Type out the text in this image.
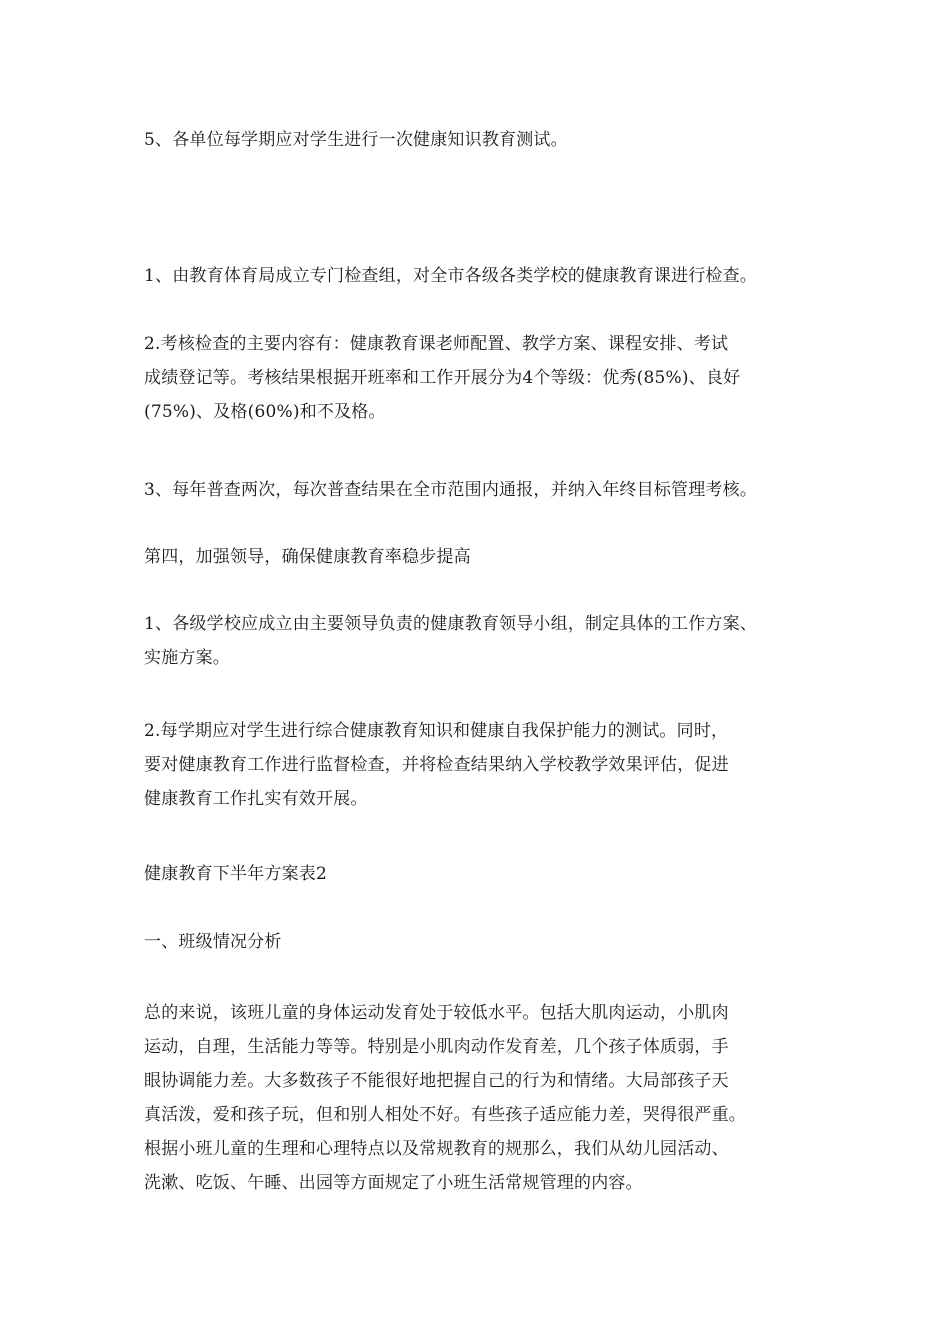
5、各单位每学期应对学生进行一次健康知识教育测试。

1、由教育体育局成立专门检查组，对全市各级各类学校的健康教育课进行检查。

2.考核检查的主要内容有：健康教育课老师配置、教学方案、课程安排、考试
成绩登记等。考核结果根据开班率和工作开展分为4个等级：优秀(85%)、良好
(75%)、及格(60%)和不及格。

3、每年普查两次，每次普查结果在全市范围内通报，并纳入年终目标管理考核。

第四，加强领导，确保健康教育率稳步提高

1、各级学校应成立由主要领导负责的健康教育领导小组，制定具体的工作方案、
实施方案。

2.每学期应对学生进行综合健康教育知识和健康自我保护能力的测试。同时，
要对健康教育工作进行监督检查，并将检查结果纳入学校教学效果评估，促进
健康教育工作扎实有效开展。

健康教育下半年方案表2

一、班级情况分析

总的来说，该班儿童的身体运动发育处于较低水平。包括大肌肉运动，小肌肉
运动，自理，生活能力等等。特别是小肌肉动作发育差，几个孩子体质弱，手
眼协调能力差。大多数孩子不能很好地把握自己的行为和情绪。大局部孩子天
真活泼，爱和孩子玩，但和别人相处不好。有些孩子适应能力差，哭得很严重。
根据小班儿童的生理和心理特点以及常规教育的规那么，我们从幼儿园活动、
洗漱、吃饭、午睡、出园等方面规定了小班生活常规管理的内容。
